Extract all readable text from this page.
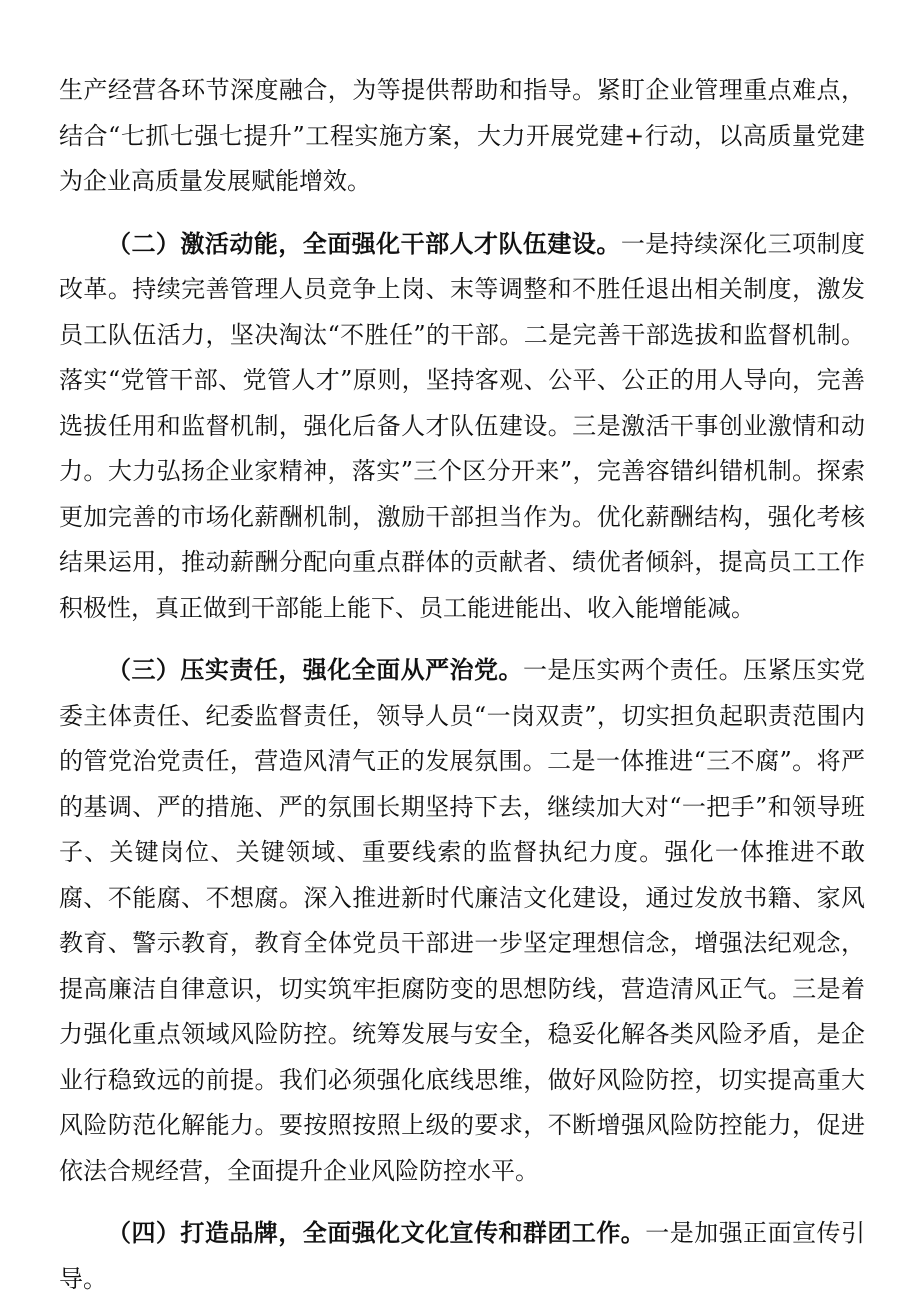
生产经营各环节深度融合，为等提供帮助和指导。紧盯企业管理重点难点，结合“七抓七强七提升”工程实施方案，大力开展党建+行动，以高质量党建为企业高质量发展赋能增效。

（二）激活动能，全面强化干部人才队伍建设。一是持续深化三项制度改革。持续完善管理人员竞争上岗、末等调整和不胜任退出相关制度，激发员工队伍活力，坚决淘汰“不胜任”的干部。二是完善干部选拔和监督机制。落实“党管干部、党管人才”原则，坚持客观、公平、公正的用人导向，完善选拔任用和监督机制，强化后备人才队伍建设。三是激活干事创业激情和动力。大力弘扬企业家精神，落实”三个区分开来”，完善容错纠错机制。探索更加完善的市场化薪酬机制，激励干部担当作为。优化薪酬结构，强化考核结果运用，推动薪酬分配向重点群体的贡献者、绩优者倾斜，提高员工工作积极性，真正做到干部能上能下、员工能进能出、收入能增能减。

（三）压实责任，强化全面从严治党。一是压实两个责任。压紧压实党委主体责任、纪委监督责任，领导人员“一岗双责”，切实担负起职责范围内的管党治党责任，营造风清气正的发展氛围。二是一体推进“三不腐”。将严的基调、严的措施、严的氛围长期坚持下去，继续加大对“一把手”和领导班子、关键岗位、关键领域、重要线索的监督执纪力度。强化一体推进不敢腐、不能腐、不想腐。深入推进新时代廉洁文化建设，通过发放书籍、家风教育、警示教育，教育全体党员干部进一步坚定理想信念，增强法纪观念，提高廉洁自律意识，切实筑牢拒腐防变的思想防线，营造清风正气。三是着力强化重点领域风险防控。统筹发展与安全，稳妥化解各类风险矛盾，是企业行稳致远的前提。我们必须强化底线思维，做好风险防控，切实提高重大风险防范化解能力。要按照按照上级的要求，不断增强风险防控能力，促进依法合规经营，全面提升企业风险防控水平。

（四）打造品牌，全面强化文化宣传和群团工作。一是加强正面宣传引导。
